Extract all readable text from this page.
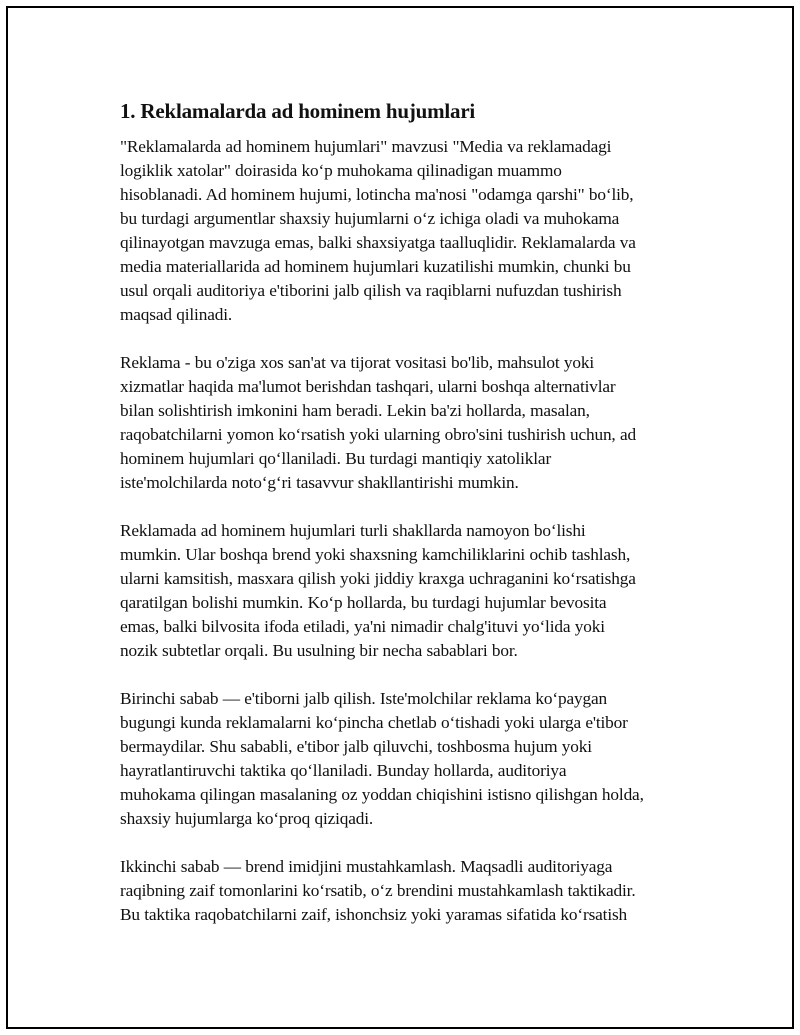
1. Reklamalarda ad hominem hujumlari

"Reklamalarda ad hominem hujumlari" mavzusi "Media va reklamadagi
logiklik xatolar" doirasida ko‘p muhokama qilinadigan muammo
hisoblanadi. Ad hominem hujumi, lotincha ma'nosi "odamga qarshi" bo‘lib,
bu turdagi argumentlar shaxsiy hujumlarni o‘z ichiga oladi va muhokama
qilinayotgan mavzuga emas, balki shaxsiyatga taalluqlidir. Reklamalarda va
media materiallarida ad hominem hujumlari kuzatilishi mumkin, chunki bu
usul orqali auditoriya e'tiborini jalb qilish va raqiblarni nufuzdan tushirish
maqsad qilinadi.

Reklama - bu o'ziga xos san'at va tijorat vositasi bo'lib, mahsulot yoki
xizmatlar haqida ma'lumot berishdan tashqari, ularni boshqa alternativlar
bilan solishtirish imkonini ham beradi. Lekin ba'zi hollarda, masalan,
raqobatchilarni yomon ko‘rsatish yoki ularning obro'sini tushirish uchun, ad
hominem hujumlari qo‘llaniladi. Bu turdagi mantiqiy xatoliklar
iste'molchilarda noto‘g‘ri tasavvur shakllantirishi mumkin.

Reklamada ad hominem hujumlari turli shakllarda namoyon bo‘lishi
mumkin. Ular boshqa brend yoki shaxsning kamchiliklarini ochib tashlash,
ularni kamsitish, masxara qilish yoki jiddiy kraxga uchraganini ko‘rsatishga
qaratilgan bolishi mumkin. Ko‘p hollarda, bu turdagi hujumlar bevosita
emas, balki bilvosita ifoda etiladi, ya'ni nimadir chalg'ituvi yo‘lida yoki
nozik subtetlar orqali. Bu usulning bir necha sabablari bor.

Birinchi sabab — e'tiborni jalb qilish. Iste'molchilar reklama ko‘paygan
bugungi kunda reklamalarni ko‘pincha chetlab o‘tishadi yoki ularga e'tibor
bermaydilar. Shu sababli, e'tibor jalb qiluvchi, toshbosma hujum yoki
hayratlantiruvchi taktika qo‘llaniladi. Bunday hollarda, auditoriya
muhokama qilingan masalaning oz yoddan chiqishini istisno qilishgan holda,
shaxsiy hujumlarga ko‘proq qiziqadi.

Ikkinchi sabab — brend imidjini mustahkamlash. Maqsadli auditoriyaga
raqibning zaif tomonlarini ko‘rsatib, o‘z brendini mustahkamlash taktikadir.
Bu taktika raqobatchilarni zaif, ishonchsiz yoki yaramas sifatida ko‘rsatish
